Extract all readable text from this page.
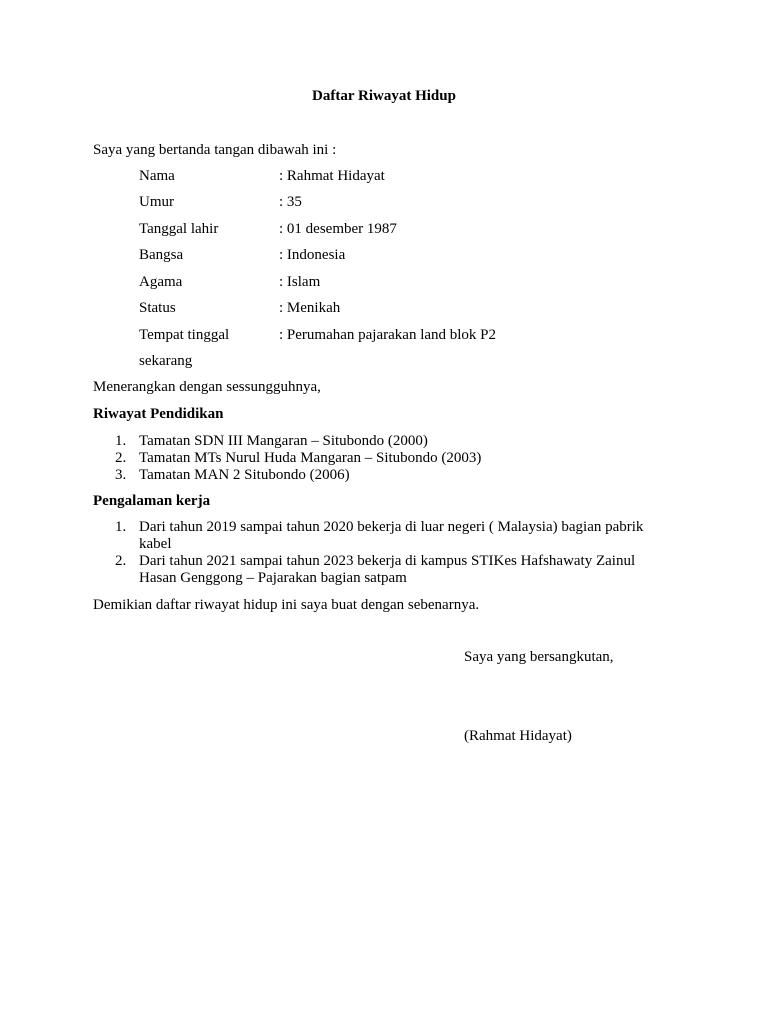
Daftar Riwayat Hidup
Saya yang bertanda tangan dibawah ini :
Nama	: Rahmat Hidayat
Umur	: 35
Tanggal lahir	: 01 desember 1987
Bangsa	: Indonesia
Agama	: Islam
Status	: Menikah
Tempat tinggal	: Perumahan pajarakan land blok P2
sekarang
Menerangkan dengan sessungguhnya,
Riwayat Pendidikan
1. Tamatan SDN III Mangaran – Situbondo (2000)
2. Tamatan MTs Nurul Huda Mangaran – Situbondo (2003)
3. Tamatan MAN 2 Situbondo (2006)
Pengalaman kerja
1. Dari tahun 2019 sampai tahun 2020 bekerja di luar negeri ( Malaysia) bagian pabrik
kabel
2. Dari tahun 2021 sampai tahun 2023 bekerja di kampus STIKes Hafshawaty Zainul
Hasan Genggong – Pajarakan bagian satpam
Demikian daftar riwayat hidup ini saya buat dengan sebenarnya.
Saya yang bersangkutan,
(Rahmat Hidayat)
